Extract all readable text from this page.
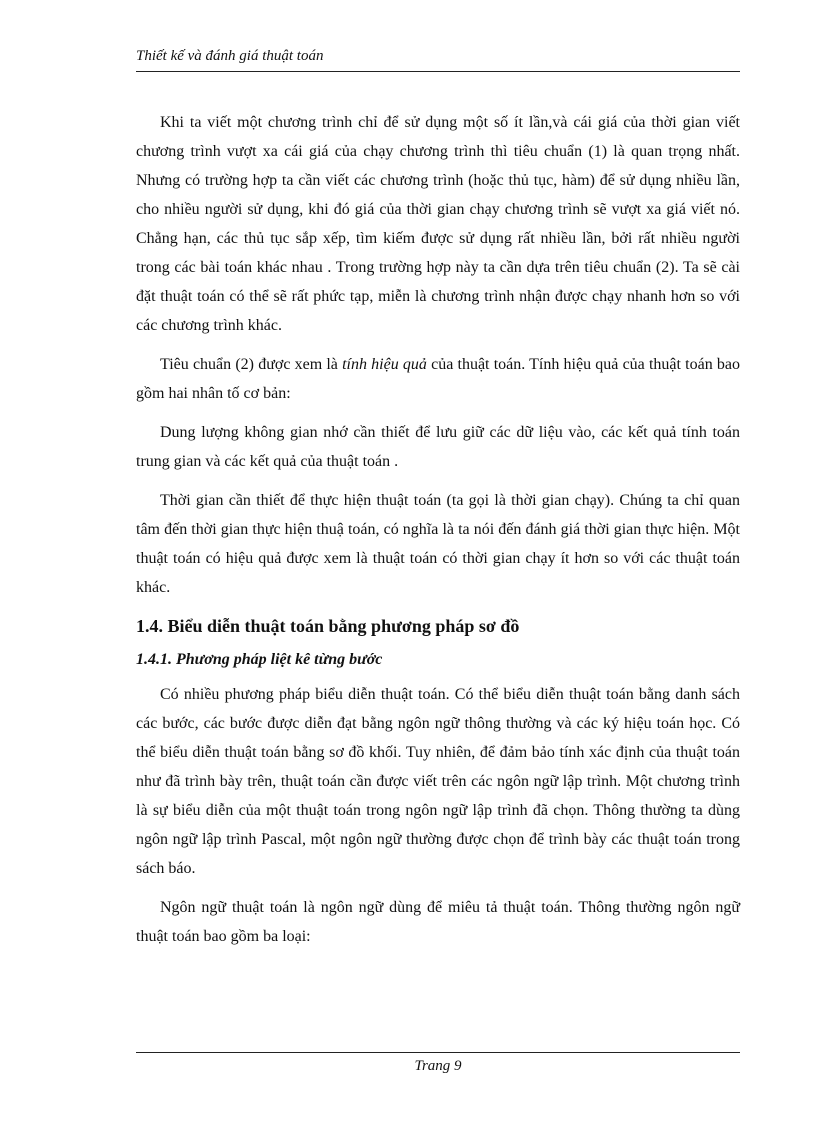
Thiết kế và đánh giá thuật toán

Khi ta viết một chương trình chỉ để sử dụng một số ít lần,và cái giá của thời gian viết chương trình vượt xa cái giá của chạy chương trình thì tiêu chuẩn (1) là quan trọng nhất. Nhưng có trường hợp ta cần viết các chương trình (hoặc thủ tục, hàm) để sử dụng nhiều lần, cho nhiều người sử dụng, khi đó giá của thời gian chạy chương trình sẽ vượt xa giá viết nó. Chẳng hạn, các thủ tục sắp xếp, tìm kiếm được sử dụng rất nhiều lần, bởi rất nhiều người trong các bài toán khác nhau . Trong trường hợp này ta cần dựa trên tiêu chuẩn (2). Ta sẽ cài đặt thuật toán có thể sẽ rất phức tạp, miễn là chương trình nhận được chạy nhanh hơn so với các chương trình khác.

Tiêu chuẩn (2) được xem là tính hiệu quả của thuật toán. Tính hiệu quả của thuật toán bao gồm hai nhân tố cơ bản:

Dung lượng không gian nhớ cần thiết để lưu giữ các dữ liệu vào, các kết quả tính toán trung gian và các kết quả của thuật toán .

Thời gian cần thiết để thực hiện thuật toán (ta gọi là thời gian chạy). Chúng ta chỉ quan tâm đến thời gian thực hiện thuậ toán, có nghĩa là ta nói đến đánh giá thời gian thực hiện. Một thuật toán có hiệu quả được xem là thuật toán có thời gian chạy ít hơn so với các thuật toán khác.

1.4. Biểu diễn thuật toán bằng phương pháp sơ đồ
1.4.1. Phương pháp liệt kê từng bước

Có nhiều phương pháp biểu diễn thuật toán. Có thể biểu diễn thuật toán bằng danh sách các bước, các bước được diễn đạt bằng ngôn ngữ thông thường và các ký hiệu toán học. Có thể biểu diễn thuật toán bằng sơ đồ khối. Tuy nhiên, để đảm bảo tính xác định của thuật toán như đã trình bày trên, thuật toán cần được viết trên các ngôn ngữ lập trình. Một chương trình là sự biểu diễn của một thuật toán trong ngôn ngữ lập trình đã chọn. Thông thường ta dùng ngôn ngữ lập trình Pascal, một ngôn ngữ thường được chọn để trình bày các thuật toán trong sách báo.

Ngôn ngữ thuật toán là ngôn ngữ dùng để miêu tả thuật toán. Thông thường ngôn ngữ thuật toán bao gồm ba loại:

Trang 9
